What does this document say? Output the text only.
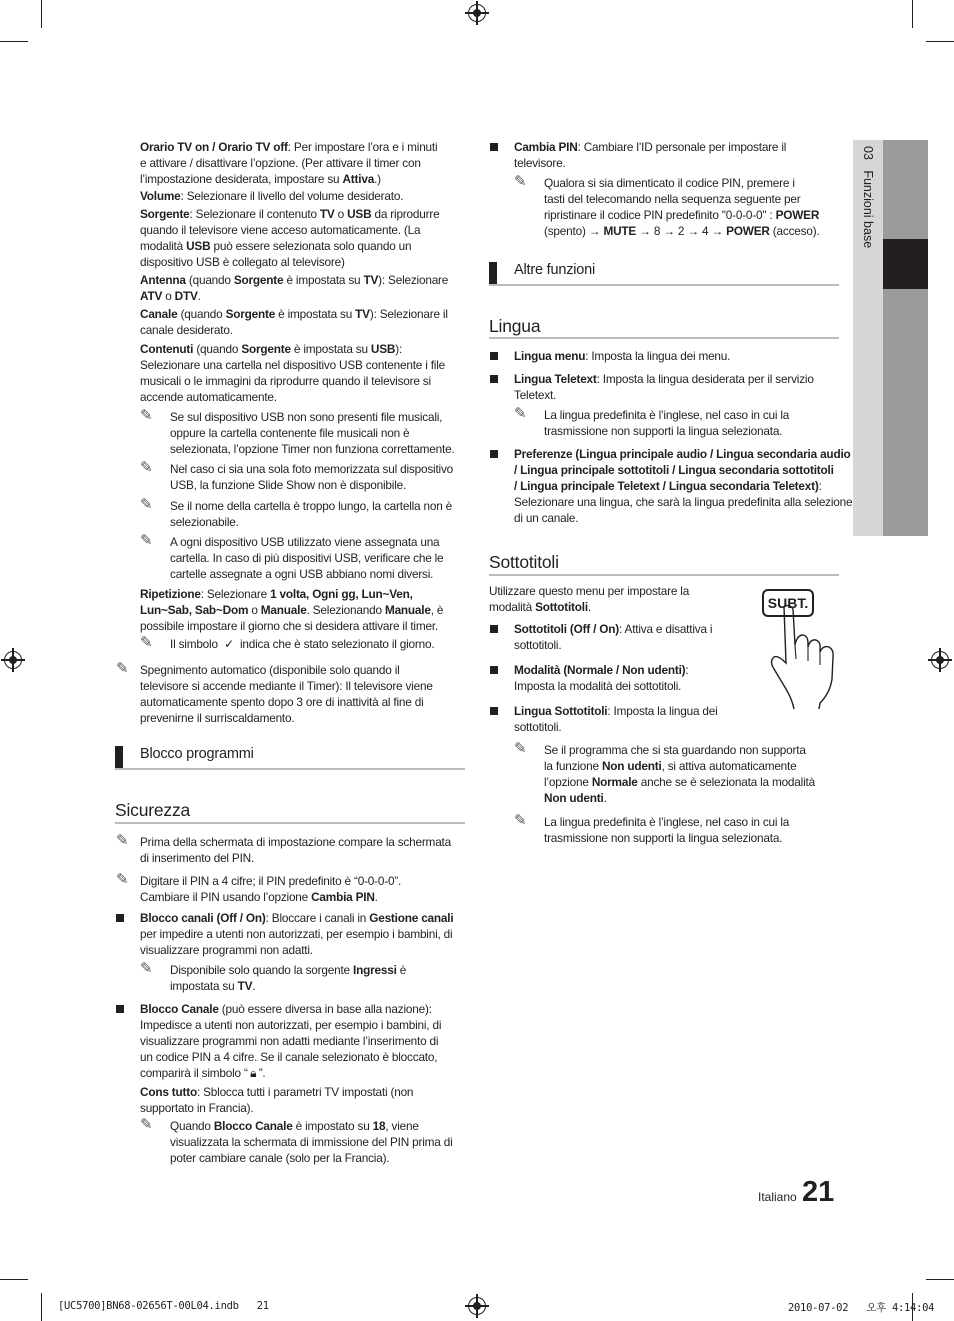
03   Funzioni base
Orario TV on / Orario TV off: Per impostare l’ora e i minuti
e attivare / disattivare l’opzione. (Per attivare il timer con
l’impostazione desiderata, impostare su Attiva.)
Volume: Selezionare il livello del volume desiderato.
Sorgente: Selezionare il contenuto TV o USB da riprodurre
quando il televisore viene acceso automaticamente. (La
modalità USB può essere selezionata solo quando un
dispositivo USB è collegato al televisore)
Antenna (quando Sorgente è impostata su TV): Selezionare
ATV o DTV.
Canale (quando Sorgente è impostata su TV): Selezionare il
canale desiderato.
Contenuti (quando Sorgente è impostata su USB):
Selezionare una cartella nel dispositivo USB contenente i file
musicali o le immagini da riprodurre quando il televisore si
accende automaticamente.
✎ Se sul dispositivo USB non sono presenti file musicali,
oppure la cartella contenente file musicali non è
selezionata, l’opzione Timer non funziona correttamente.
✎ Nel caso ci sia una sola foto memorizzata sul dispositivo
USB, la funzione Slide Show non è disponibile.
✎ Se il nome della cartella è troppo lungo, la cartella non è
selezionabile.
✎ A ogni dispositivo USB utilizzato viene assegnata una
cartella. In caso di più dispositivi USB, verificare che le
cartelle assegnate a ogni USB abbiano nomi diversi.
Ripetizione: Selezionare 1 volta, Ogni gg, Lun~Ven,
Lun~Sab, Sab~Dom o Manuale. Selezionando Manuale, è
possibile impostare il giorno che si desidera attivare il timer.
✎ Il simbolo ✓ indica che è stato selezionato il giorno.
✎ Spegnimento automatico (disponibile solo quando il
televisore si accende mediante il Timer): Il televisore viene
automaticamente spento dopo 3 ore di inattività al fine di
prevenirne il surriscaldamento.
Blocco programmi
Sicurezza
✎ Prima della schermata di impostazione compare la schermata
di inserimento del PIN.
✎ Digitare il PIN a 4 cifre; il PIN predefinito è “0-0-0-0”.
Cambiare il PIN usando l’opzione Cambia PIN.
Blocco canali (Off / On): Bloccare i canali in Gestione canali
per impedire a utenti non autorizzati, per esempio i bambini, di
visualizzare programmi non adatti.
✎ Disponibile solo quando la sorgente Ingressi è
impostata su TV.
Blocco Canale (può essere diversa in base alla nazione):
Impedisce a utenti non autorizzati, per esempio i bambini, di
visualizzare programmi non adatti mediante l’inserimento di
un codice PIN a 4 cifre. Se il canale selezionato è bloccato,
comparirà il simbolo “ 🔒︎ ”.
Cons tutto: Sblocca tutti i parametri TV impostati (non
supportato in Francia).
✎ Quando Blocco Canale è impostato su 18, viene
visualizzata la schermata di immissione del PIN prima di
poter cambiare canale (solo per la Francia).
Cambia PIN: Cambiare l’ID personale per impostare il
televisore.
✎ Qualora si sia dimenticato il codice PIN, premere i
tasti del telecomando nella sequenza seguente per
ripristinare il codice PIN predefinito "0-0-0-0" : POWER
(spento) → MUTE → 8 → 2 → 4 → POWER (acceso).
Altre funzioni
Lingua
Lingua menu: Imposta la lingua dei menu.
Lingua Teletext: Imposta la lingua desiderata per il servizio
Teletext.
✎ La lingua predefinita è l’inglese, nel caso in cui la
trasmissione non supporti la lingua selezionata.
Preferenze (Lingua principale audio / Lingua secondaria audio
/ Lingua principale sottotitoli / Lingua secondaria sottotitoli
/ Lingua principale Teletext / Lingua secondaria Teletext):
Selezionare una lingua, che sarà la lingua predefinita alla selezione
di un canale.
Sottotitoli
Utilizzare questo menu per impostare la
modalità Sottotitoli.
Sottotitoli (Off / On): Attiva e disattiva i
sottotitoli.
Modalità (Normale / Non udenti):
Imposta la modalità dei sottotitoli.
Lingua Sottotitoli: Imposta la lingua dei
sottotitoli.
✎ Se il programma che si sta guardando non supporta
la funzione Non udenti, si attiva automaticamente
l’opzione Normale anche se è selezionata la modalità
Non udenti.
✎ La lingua predefinita è l’inglese, nel caso in cui la
trasmissione non supporti la lingua selezionata.
SUBT.
Italiano 21
[UC5700]BN68-02656T-00L04.indb   21	2010-07-02   오후 4:14:04
